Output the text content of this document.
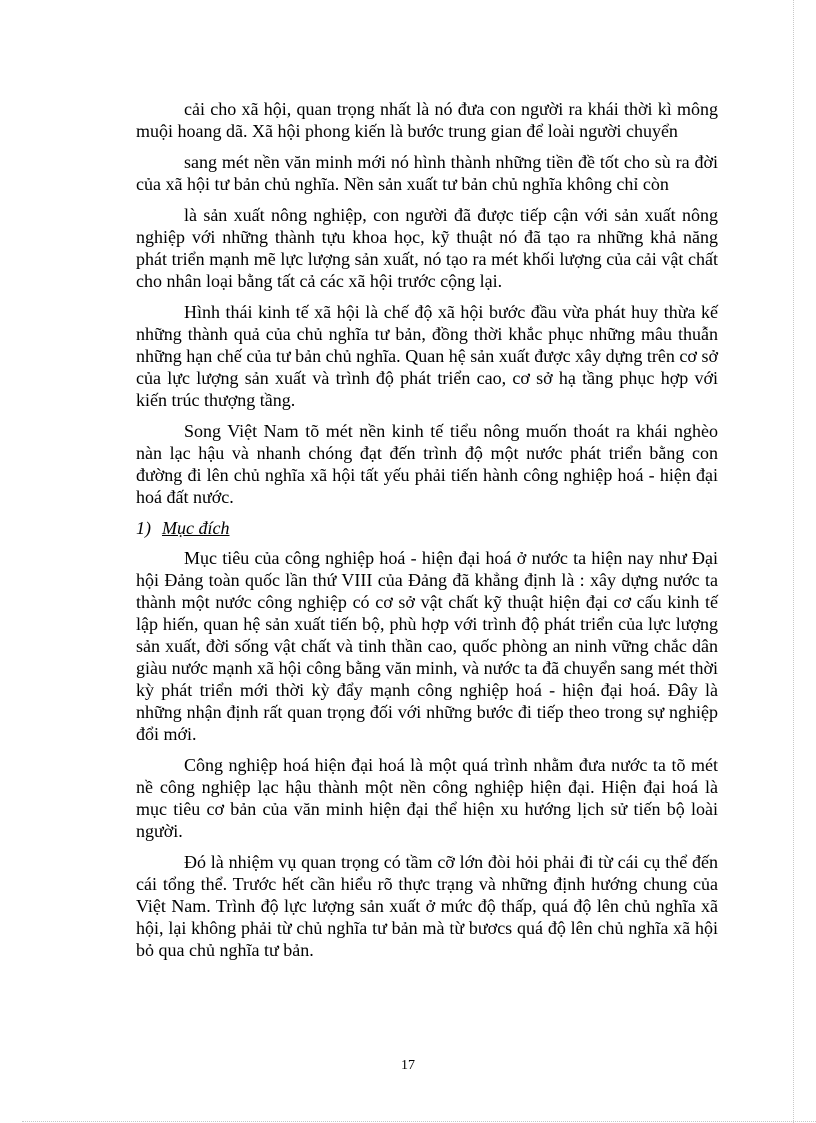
cải cho xã hội, quan trọng nhất là nó đưa con người ra khái thời kì mông muội hoang dã. Xã hội phong kiến là bước trung gian để loài người chuyển

sang mét nền văn minh mới nó hình thành những tiền đề tốt cho sù ra đời của xã hội tư bản chủ nghĩa. Nền sản xuất tư bản chủ nghĩa không chỉ còn

là sản xuất nông nghiệp, con người đã được tiếp cận với sản xuất nông nghiệp với những thành tựu khoa học, kỹ thuật nó đã tạo ra những khả năng phát triển mạnh mẽ lực lượng sản xuất, nó tạo ra mét khối lượng của cải vật chất cho nhân loại bằng tất cả các xã hội trước cộng lại.

Hình thái kinh tế xã hội là chế độ xã hội bước đầu vừa phát huy thừa kế những thành quả của chủ nghĩa tư bản, đồng thời khắc phục những mâu thuẫn những hạn chế của tư bản chủ nghĩa. Quan hệ sản xuất được xây dựng trên cơ sở của lực lượng sản xuất và trình độ phát triển cao, cơ sở hạ tầng phục hợp với kiến trúc thượng tầng.

Song Việt Nam tõ mét nền kinh tế tiểu nông muốn thoát ra khái nghèo nàn lạc hậu và nhanh chóng đạt đến trình độ một nước phát triển bằng con đường đi lên chủ nghĩa xã hội tất yếu phải tiến hành công nghiệp hoá - hiện đại hoá đất nước.

1) Mục đích

Mục tiêu của công nghiệp hoá - hiện đại hoá ở nước ta hiện nay như Đại hội Đảng toàn quốc lần thứ VIII của Đảng đã khẳng định là : xây dựng nước ta thành một nước công nghiệp có cơ sở vật chất kỹ thuật hiện đại cơ cấu kinh tế lập hiến, quan hệ sản xuất tiến bộ, phù hợp với trình độ phát triển của lực lượng sản xuất, đời sống vật chất và tinh thần cao, quốc phòng an ninh vững chắc dân giàu nước mạnh xã hội công bằng văn minh, và nước ta đã chuyển sang mét thời kỳ phát triển mới thời kỳ đẩy mạnh công nghiệp hoá - hiện đại hoá. Đây là những nhận định rất quan trọng đối với những bước đi tiếp theo trong sự nghiệp đổi mới.

Công nghiệp hoá hiện đại hoá là một quá trình nhằm đưa nước ta tõ mét nề công nghiệp lạc hậu thành một nền công nghiệp hiện đại. Hiện đại hoá là mục tiêu cơ bản của văn minh hiện đại thể hiện xu hướng lịch sử tiến bộ loài người.

Đó là nhiệm vụ quan trọng có tầm cỡ lớn đòi hỏi phải đi từ cái cụ thể đến cái tổng thể. Trước hết cần hiểu rõ thực trạng và những định hướng chung của Việt Nam. Trình độ lực lượng sản xuất ở mức độ thấp, quá độ lên chủ nghĩa xã hội, lại không phải từ chủ nghĩa tư bản mà từ bươcs quá độ lên chủ nghĩa xã hội bỏ qua chủ nghĩa tư bản.

17
